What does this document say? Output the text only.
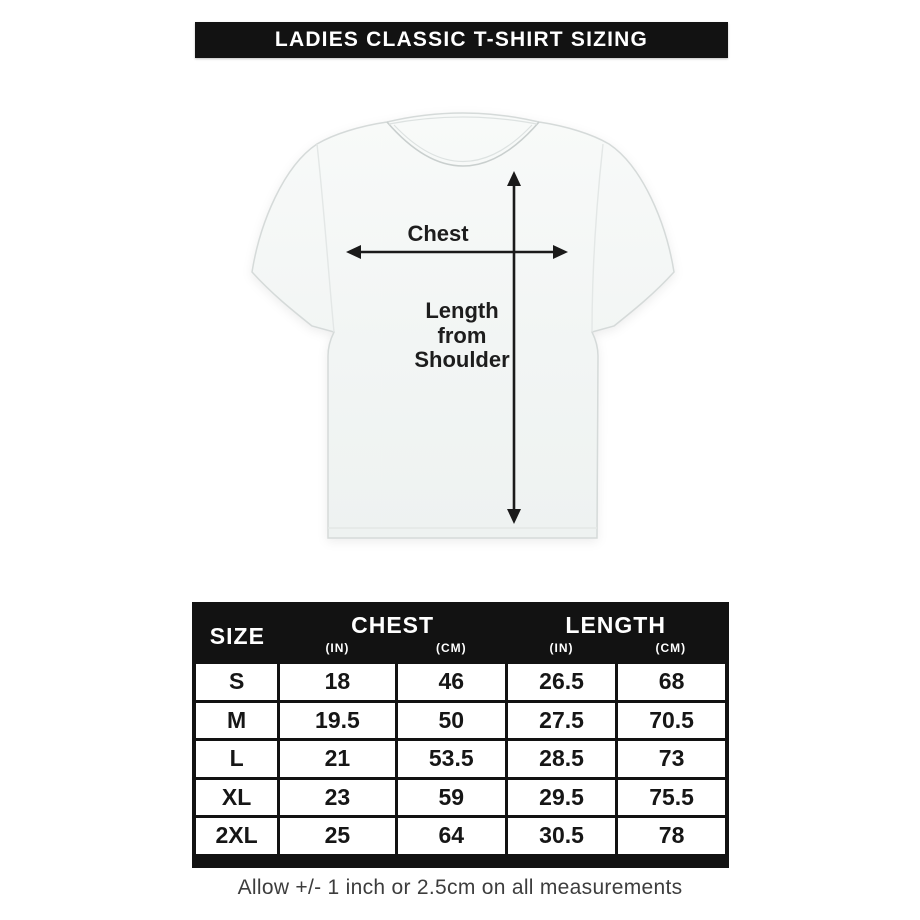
LADIES CLASSIC T-SHIRT SIZING
Chest
Length
from
Shoulder
SIZE	CHEST		LENGTH	
	(IN)	(CM)	(IN)	(CM)
S	18	46	26.5	68
M	19.5	50	27.5	70.5
L	21	53.5	28.5	73
XL	23	59	29.5	75.5
2XL	25	64	30.5	78
Allow +/- 1 inch or 2.5cm on all measurements
